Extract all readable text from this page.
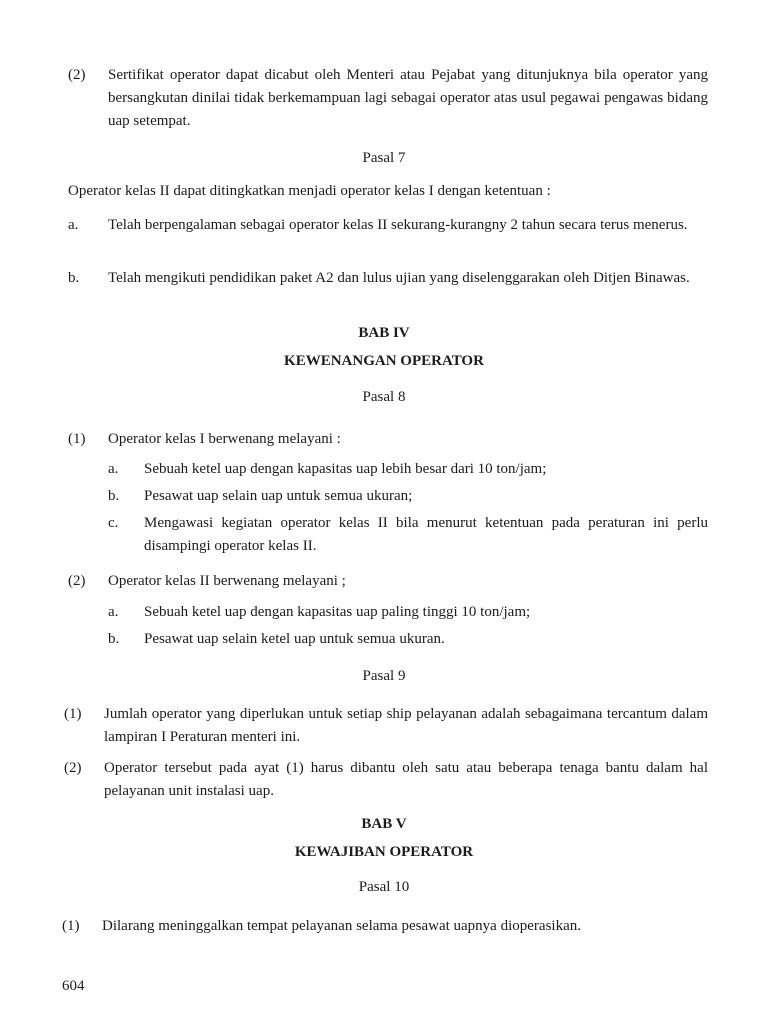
(2) Sertifikat operator dapat dicabut oleh Menteri atau Pejabat yang ditunjuknya bila operator yang bersangkutan dinilai tidak berkemampuan lagi sebagai operator atas usul pegawai pengawas bidang uap setempat.
Pasal 7
Operator kelas II dapat ditingkatkan menjadi operator kelas I dengan ketentuan :
a. Telah berpengalaman sebagai operator kelas II sekurang-kurangny 2 tahun secara terus menerus.
b. Telah mengikuti pendidikan paket A2 dan lulus ujian yang diselenggarakan oleh Ditjen Binawas.
BAB IV
KEWENANGAN OPERATOR
Pasal 8
(1) Operator kelas I berwenang melayani :
a. Sebuah ketel uap dengan kapasitas uap lebih besar dari 10 ton/jam;
b. Pesawat uap selain uap untuk semua ukuran;
c. Mengawasi kegiatan operator kelas II bila menurut ketentuan pada peraturan ini perlu disampingi operator kelas II.
(2) Operator kelas II berwenang melayani ;
a. Sebuah ketel uap dengan kapasitas uap paling tinggi 10 ton/jam;
b. Pesawat uap selain ketel uap untuk semua ukuran.
Pasal 9
(1) Jumlah operator yang diperlukan untuk setiap ship pelayanan adalah sebagaimana tercantum dalam lampiran I Peraturan menteri ini.
(2) Operator tersebut pada ayat (1) harus dibantu oleh satu atau beberapa tenaga bantu dalam hal pelayanan unit instalasi uap.
BAB V
KEWAJIBAN OPERATOR
Pasal 10
(1) Dilarang meninggalkan tempat pelayanan selama pesawat uapnya dioperasikan.
604
